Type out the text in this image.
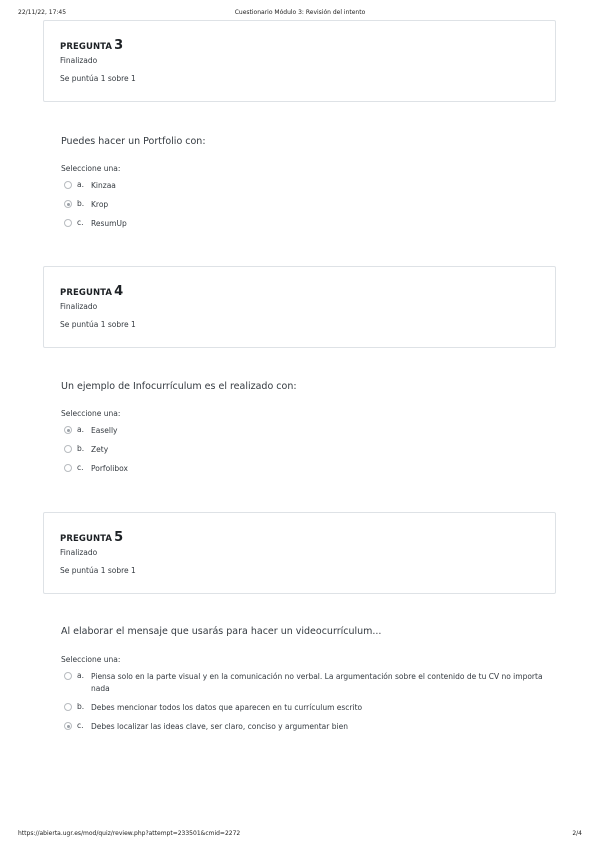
22/11/22, 17:45	Cuestionario Módulo 3: Revisión del intento
PREGUNTA 3
Finalizado
Se puntúa 1 sobre 1
Puedes hacer un Portfolio con:
Seleccione una:
a. Kinzaa
b. Krop
c. ResumUp
PREGUNTA 4
Finalizado
Se puntúa 1 sobre 1
Un ejemplo de Infocurrículum es el realizado con:
Seleccione una:
a. Easelly
b. Zety
c. Porfolibox
PREGUNTA 5
Finalizado
Se puntúa 1 sobre 1
Al elaborar el mensaje que usarás para hacer un videocurrículum...
Seleccione una:
a. Piensa solo en la parte visual y en la comunicación no verbal. La argumentación sobre el contenido de tu CV no importa nada
b. Debes mencionar todos los datos que aparecen en tu currículum escrito
c. Debes localizar las ideas clave, ser claro, conciso y argumentar bien
https://abierta.ugr.es/mod/quiz/review.php?attempt=233501&cmid=2272	2/4
